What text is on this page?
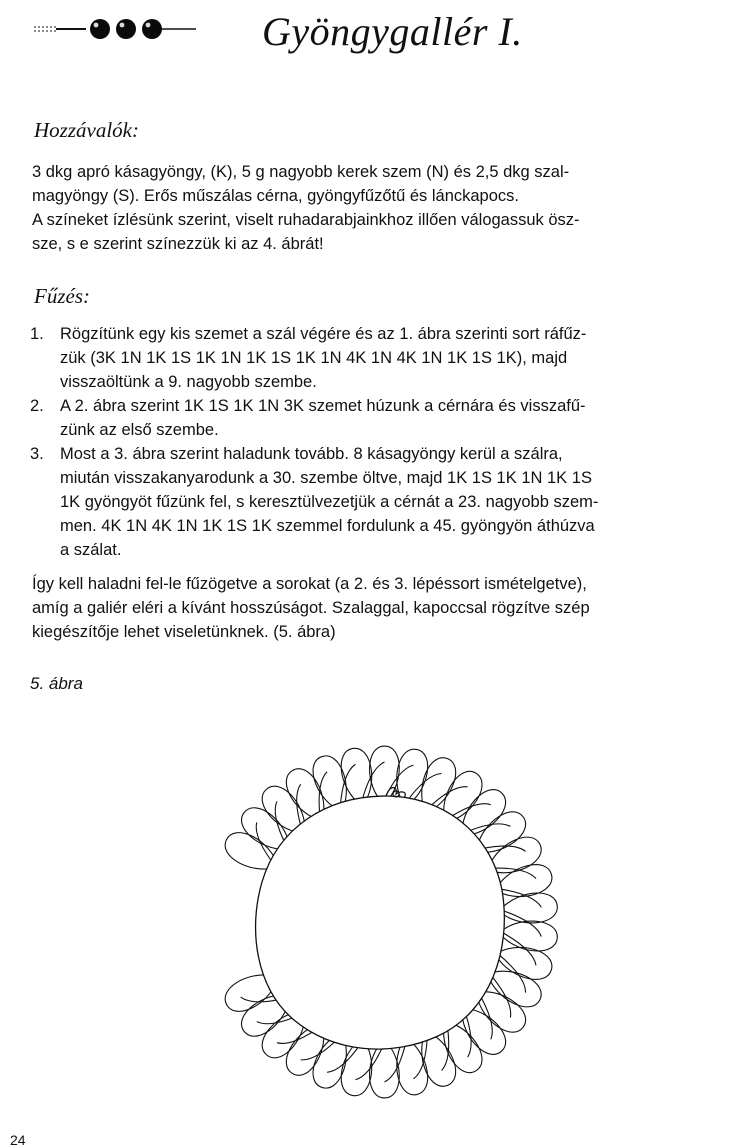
Gyöngygallér I.
Hozzávalók:

3 dkg apró kásagyöngy, (K), 5 g nagyobb kerek szem (N) és 2,5 dkg szal-

magyöngy (S). Erős műszálas cérna, gyöngyfűzőtű és lánckapocs.

A színeket ízlésünk szerint, viselt ruhadarabjainkhoz illően válogassuk ösz-

sze, s e szerint színezzük ki az 4. ábrát!

Fűzés:
1. Rögzítünk egy kis szemet a szál végére és az 1. ábra szerinti sort ráfűz-
zük (3K 1N 1K 1S 1K 1N 1K 1S 1K 1N 4K 1N 4K 1N 1K 1S 1K), majd
visszaöltünk a 9. nagyobb szembe.
2. A 2. ábra szerint 1K 1S 1K 1N 3K szemet húzunk a cérnára és visszafű-
zünk az első szembe.
3. Most a 3. ábra szerint haladunk tovább. 8 kásagyöngy kerül a szálra,
miután visszakanyarodunk a 30. szembe öltve, majd 1K 1S 1K 1N 1K 1S
1K gyöngyöt fűzünk fel, s keresztülvezetjük a cérnát a 23. nagyobb szem-
men. 4K 1N 4K 1N 1K 1S 1K szemmel fordulunk a 45. gyöngyön áthúzva
a szálat.
Így kell haladni fel-le fűzögetve a sorokat (a 2. és 3. lépéssort ismételgetve),
amíg a galiér eléri a kívánt hosszúságot. Szalaggal, kapoccsal rögzítve szép
kiegészítője lehet viseletünknek. (5. ábra)
5. ábra
24
